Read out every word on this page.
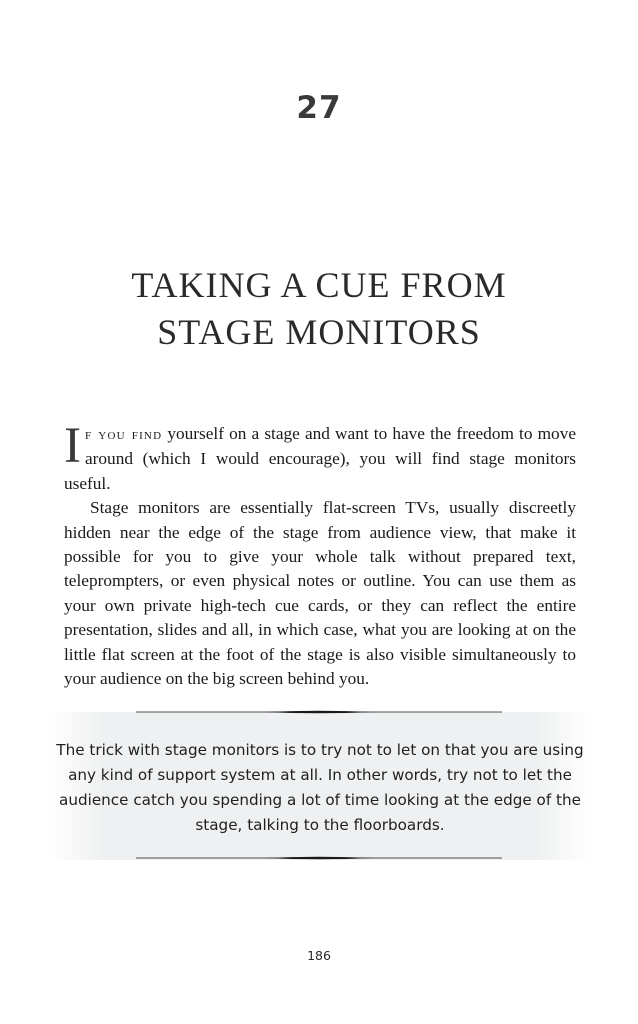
27
TAKING A CUE FROM
STAGE MONITORS

If you find yourself on a stage and want to have the freedom to move around (which I would encourage), you will find stage monitors useful.

Stage monitors are essentially flat-screen TVs, usually discreetly hidden near the edge of the stage from audience view, that make it possible for you to give your whole talk without prepared text, teleprompters, or even physical notes or outline. You can use them as your own private high-tech cue cards, or they can reflect the entire presentation, slides and all, in which case, what you are looking at on the little flat screen at the foot of the stage is also visible simultaneously to your audience on the big screen behind you.

The trick with stage monitors is to try not to let on that you are using any kind of support system at all. In other words, try not to let the audience catch you spending a lot of time looking at the edge of the stage, talking to the floorboards.
186
